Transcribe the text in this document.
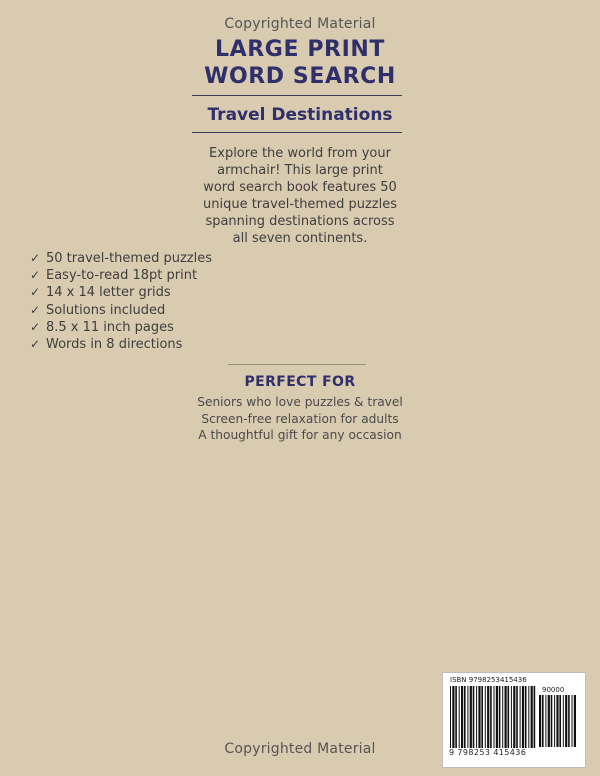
Copyrighted Material
LARGE PRINT
WORD SEARCH
Travel Destinations
Explore the world from your
armchair! This large print
word search book features 50
unique travel-themed puzzles
spanning destinations across
all seven continents.
✓ 50 travel-themed puzzles
✓ Easy-to-read 18pt print
✓ 14 x 14 letter grids
✓ Solutions included
✓ 8.5 x 11 inch pages
✓ Words in 8 directions
PERFECT FOR
Seniors who love puzzles & travel
Screen-free relaxation for adults
A thoughtful gift for any occasion
ISBN 9798253415436
90000
9 798253 415436
Copyrighted Material
